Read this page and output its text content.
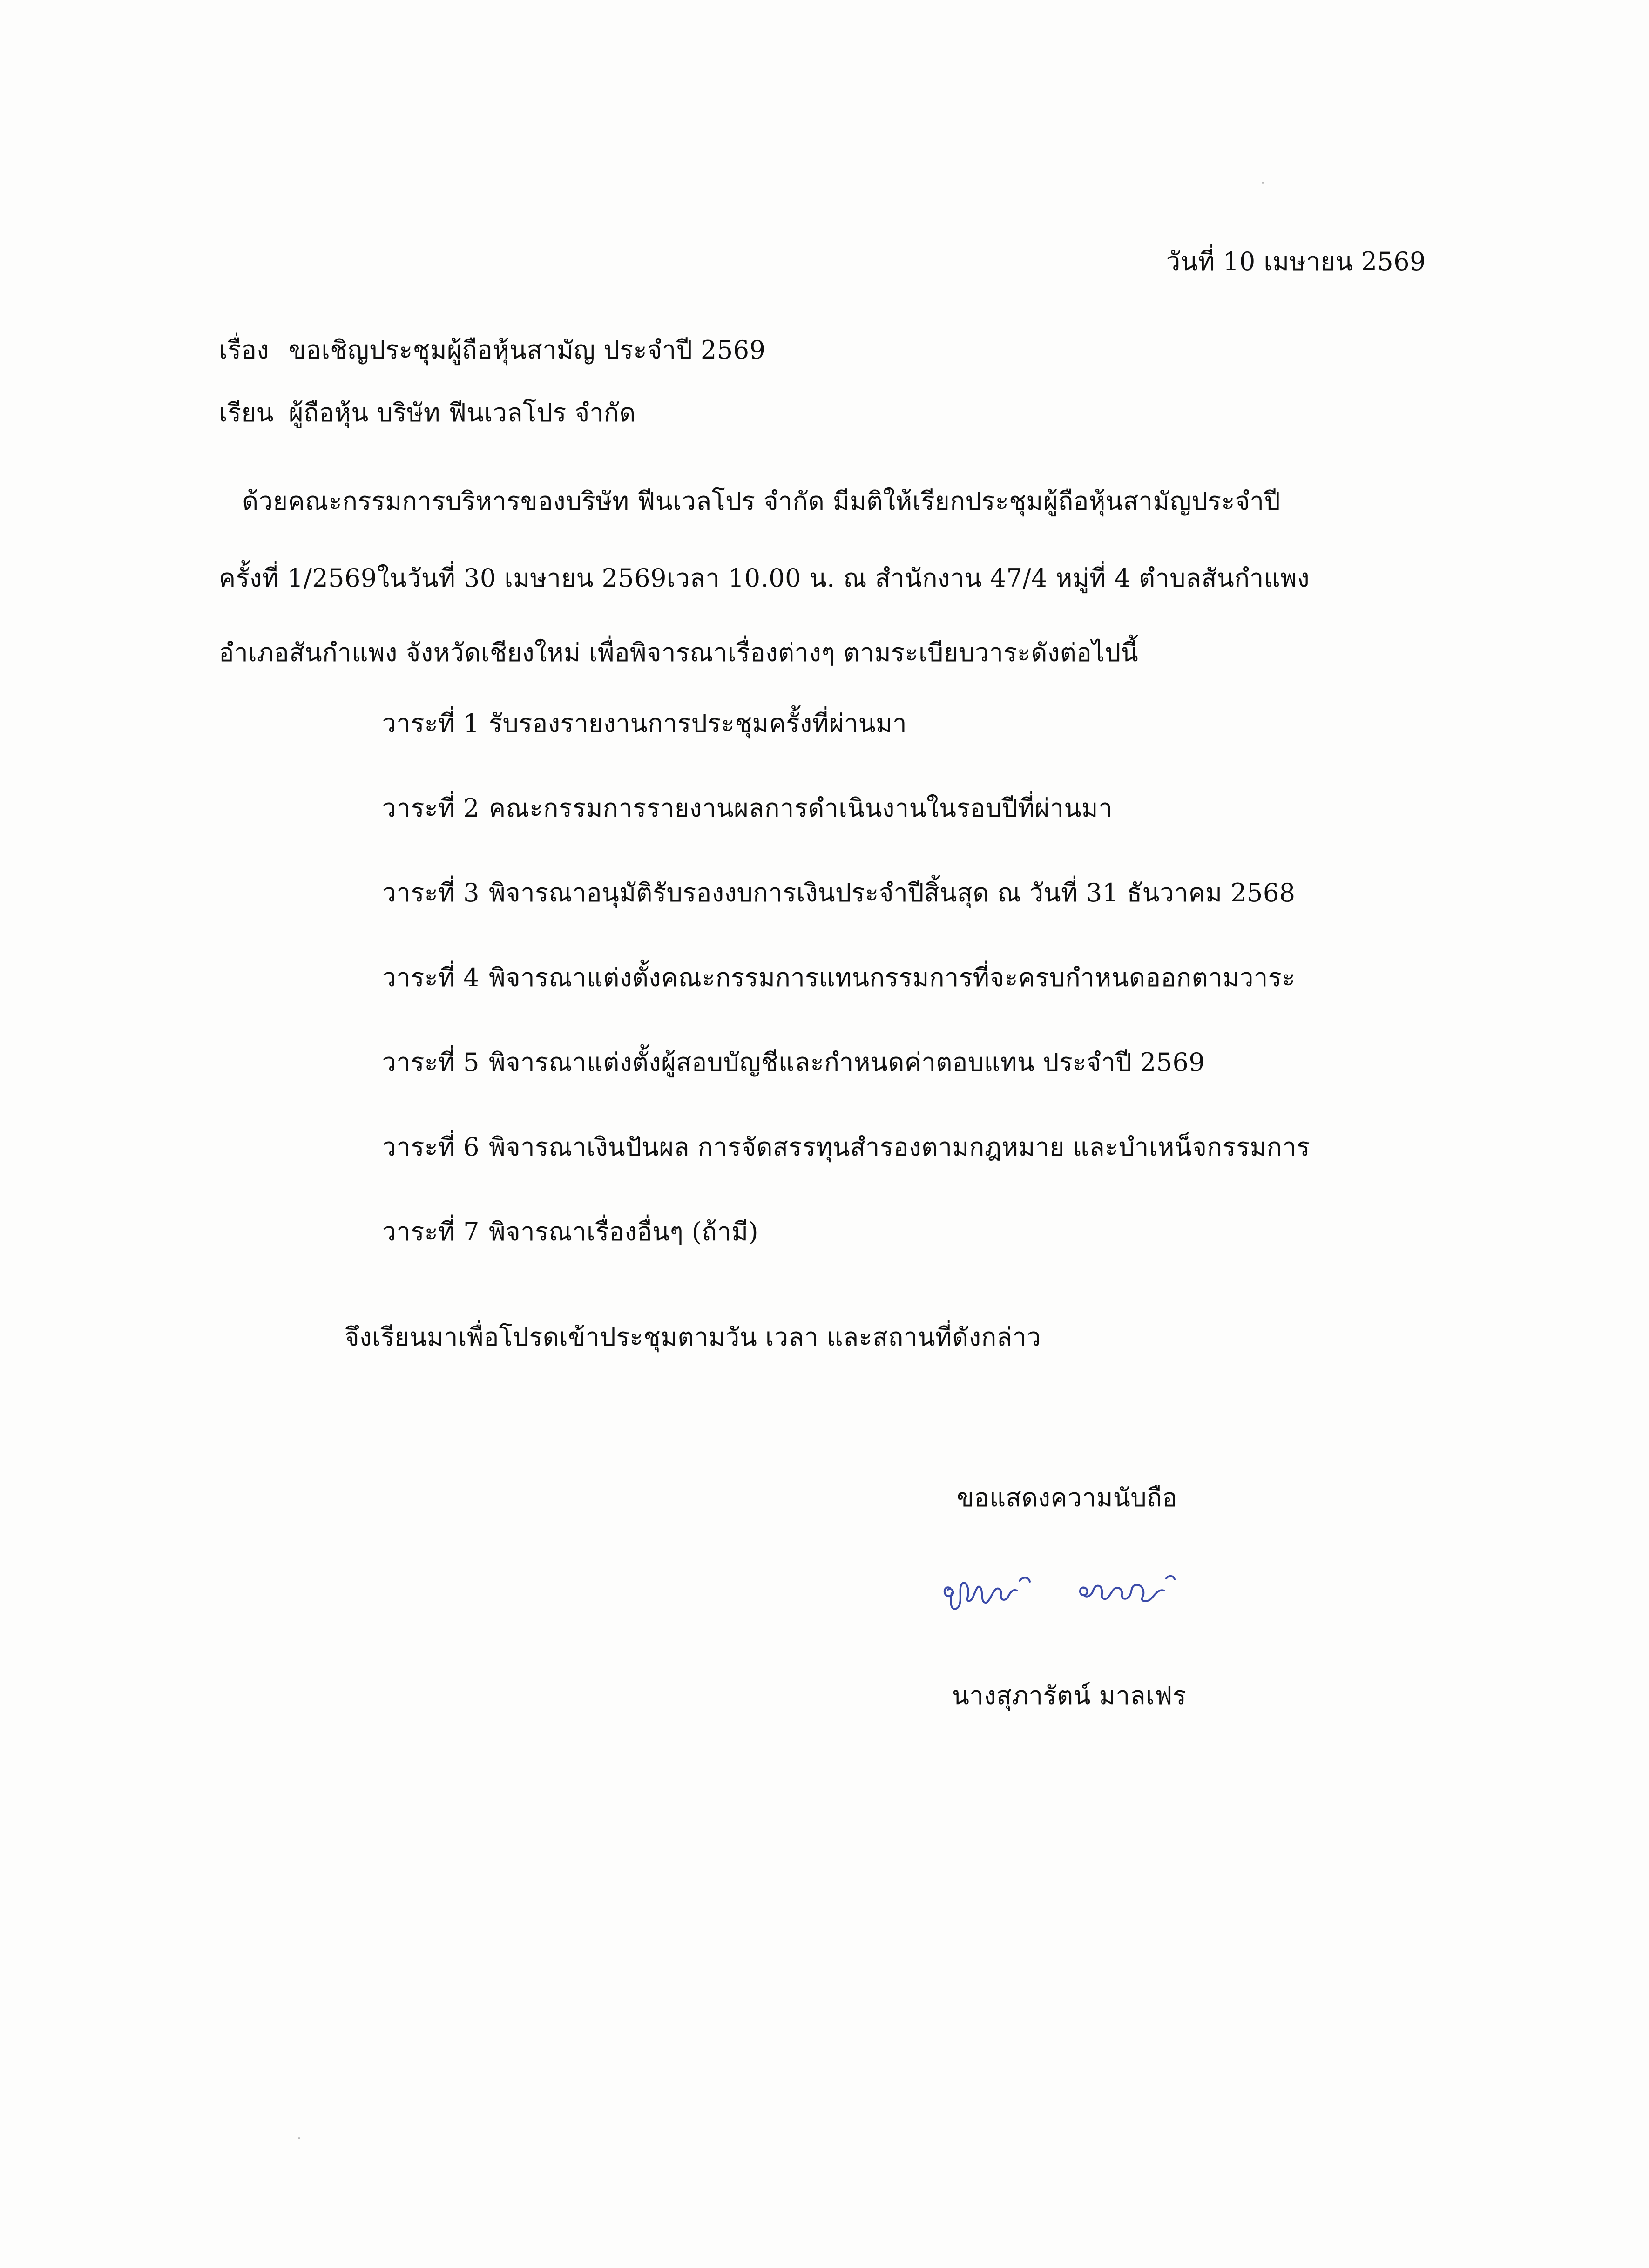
วันที่ 10 เมษายน 2569
เรื่อง ขอเชิญประชุมผู้ถือหุ้นสามัญ ประจำปี 2569
เรียน ผู้ถือหุ้น บริษัท ฟีนเวลโปร จำกัด
ด้วยคณะกรรมการบริหารของบริษัท ฟีนเวลโปร จำกัด มีมติให้เรียกประชุมผู้ถือหุ้นสามัญประจำปี
ครั้งที่ 1/2569ในวันที่ 30 เมษายน 2569เวลา 10.00 น. ณ สำนักงาน 47/4 หมู่ที่ 4 ตำบลสันกำแพง
อำเภอสันกำแพง จังหวัดเชียงใหม่ เพื่อพิจารณาเรื่องต่างๆ ตามระเบียบวาระดังต่อไปนี้
วาระที่ 1 รับรองรายงานการประชุมครั้งที่ผ่านมา
วาระที่ 2 คณะกรรมการรายงานผลการดำเนินงานในรอบปีที่ผ่านมา
วาระที่ 3 พิจารณาอนุมัติรับรองงบการเงินประจำปีสิ้นสุด ณ วันที่ 31 ธันวาคม 2568
วาระที่ 4 พิจารณาแต่งตั้งคณะกรรมการแทนกรรมการที่จะครบกำหนดออกตามวาระ
วาระที่ 5 พิจารณาแต่งตั้งผู้สอบบัญชีและกำหนดค่าตอบแทน ประจำปี 2569
วาระที่ 6 พิจารณาเงินปันผล การจัดสรรทุนสำรองตามกฎหมาย และบำเหน็จกรรมการ
วาระที่ 7 พิจารณาเรื่องอื่นๆ (ถ้ามี)
จึงเรียนมาเพื่อโปรดเข้าประชุมตามวัน เวลา และสถานที่ดังกล่าว
ขอแสดงความนับถือ
นางสุภารัตน์ มาลเฟร
